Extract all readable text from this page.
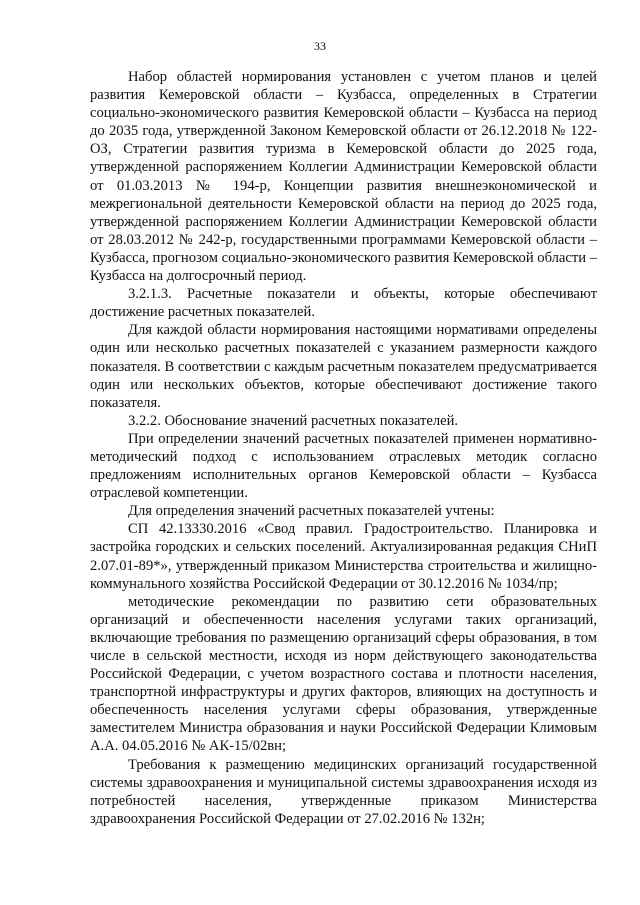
33

Набор областей нормирования установлен с учетом планов и целей развития Кемеровской области – Кузбасса, определенных в Стратегии социально-экономического развития Кемеровской области – Кузбасса на период до 2035 года, утвержденной Законом Кемеровской области от 26.12.2018 № 122-ОЗ, Стратегии развития туризма в Кемеровской области до 2025 года, утвержденной распоряжением Коллегии Администрации Кемеровской области от 01.03.2013 № 194-р, Концепции развития внешнеэкономической и межрегиональной деятельности Кемеровской области на период до 2025 года, утвержденной распоряжением Коллегии Администрации Кемеровской области от 28.03.2012 № 242-р, государственными программами Кемеровской области – Кузбасса, прогнозом социально-экономического развития Кемеровской области – Кузбасса на долгосрочный период.

3.2.1.3. Расчетные показатели и объекты, которые обеспечивают достижение расчетных показателей.

Для каждой области нормирования настоящими нормативами определены один или несколько расчетных показателей с указанием размерности каждого показателя. В соответствии с каждым расчетным показателем предусматривается один или нескольких объектов, которые обеспечивают достижение такого показателя.

3.2.2. Обоснование значений расчетных показателей.

При определении значений расчетных показателей применен нормативно-методический подход с использованием отраслевых методик согласно предложениям исполнительных органов Кемеровской области – Кузбасса отраслевой компетенции.

Для определения значений расчетных показателей учтены:

СП 42.13330.2016 «Свод правил. Градостроительство. Планировка и застройка городских и сельских поселений. Актуализированная редакция СНиП 2.07.01-89*», утвержденный приказом Министерства строительства и жилищно-коммунального хозяйства Российской Федерации от 30.12.2016 № 1034/пр;

методические рекомендации по развитию сети образовательных организаций и обеспеченности населения услугами таких организаций, включающие требования по размещению организаций сферы образования, в том числе в сельской местности, исходя из норм действующего законодательства Российской Федерации, с учетом возрастного состава и плотности населения, транспортной инфраструктуры и других факторов, влияющих на доступность и обеспеченность населения услугами сферы образования, утвержденные заместителем Министра образования и науки Российской Федерации Климовым А.А. 04.05.2016 № АК-15/02вн;

Требования к размещению медицинских организаций государственной системы здравоохранения и муниципальной системы здравоохранения исходя из потребностей населения, утвержденные приказом Министерства здравоохранения Российской Федерации от 27.02.2016 № 132н;
